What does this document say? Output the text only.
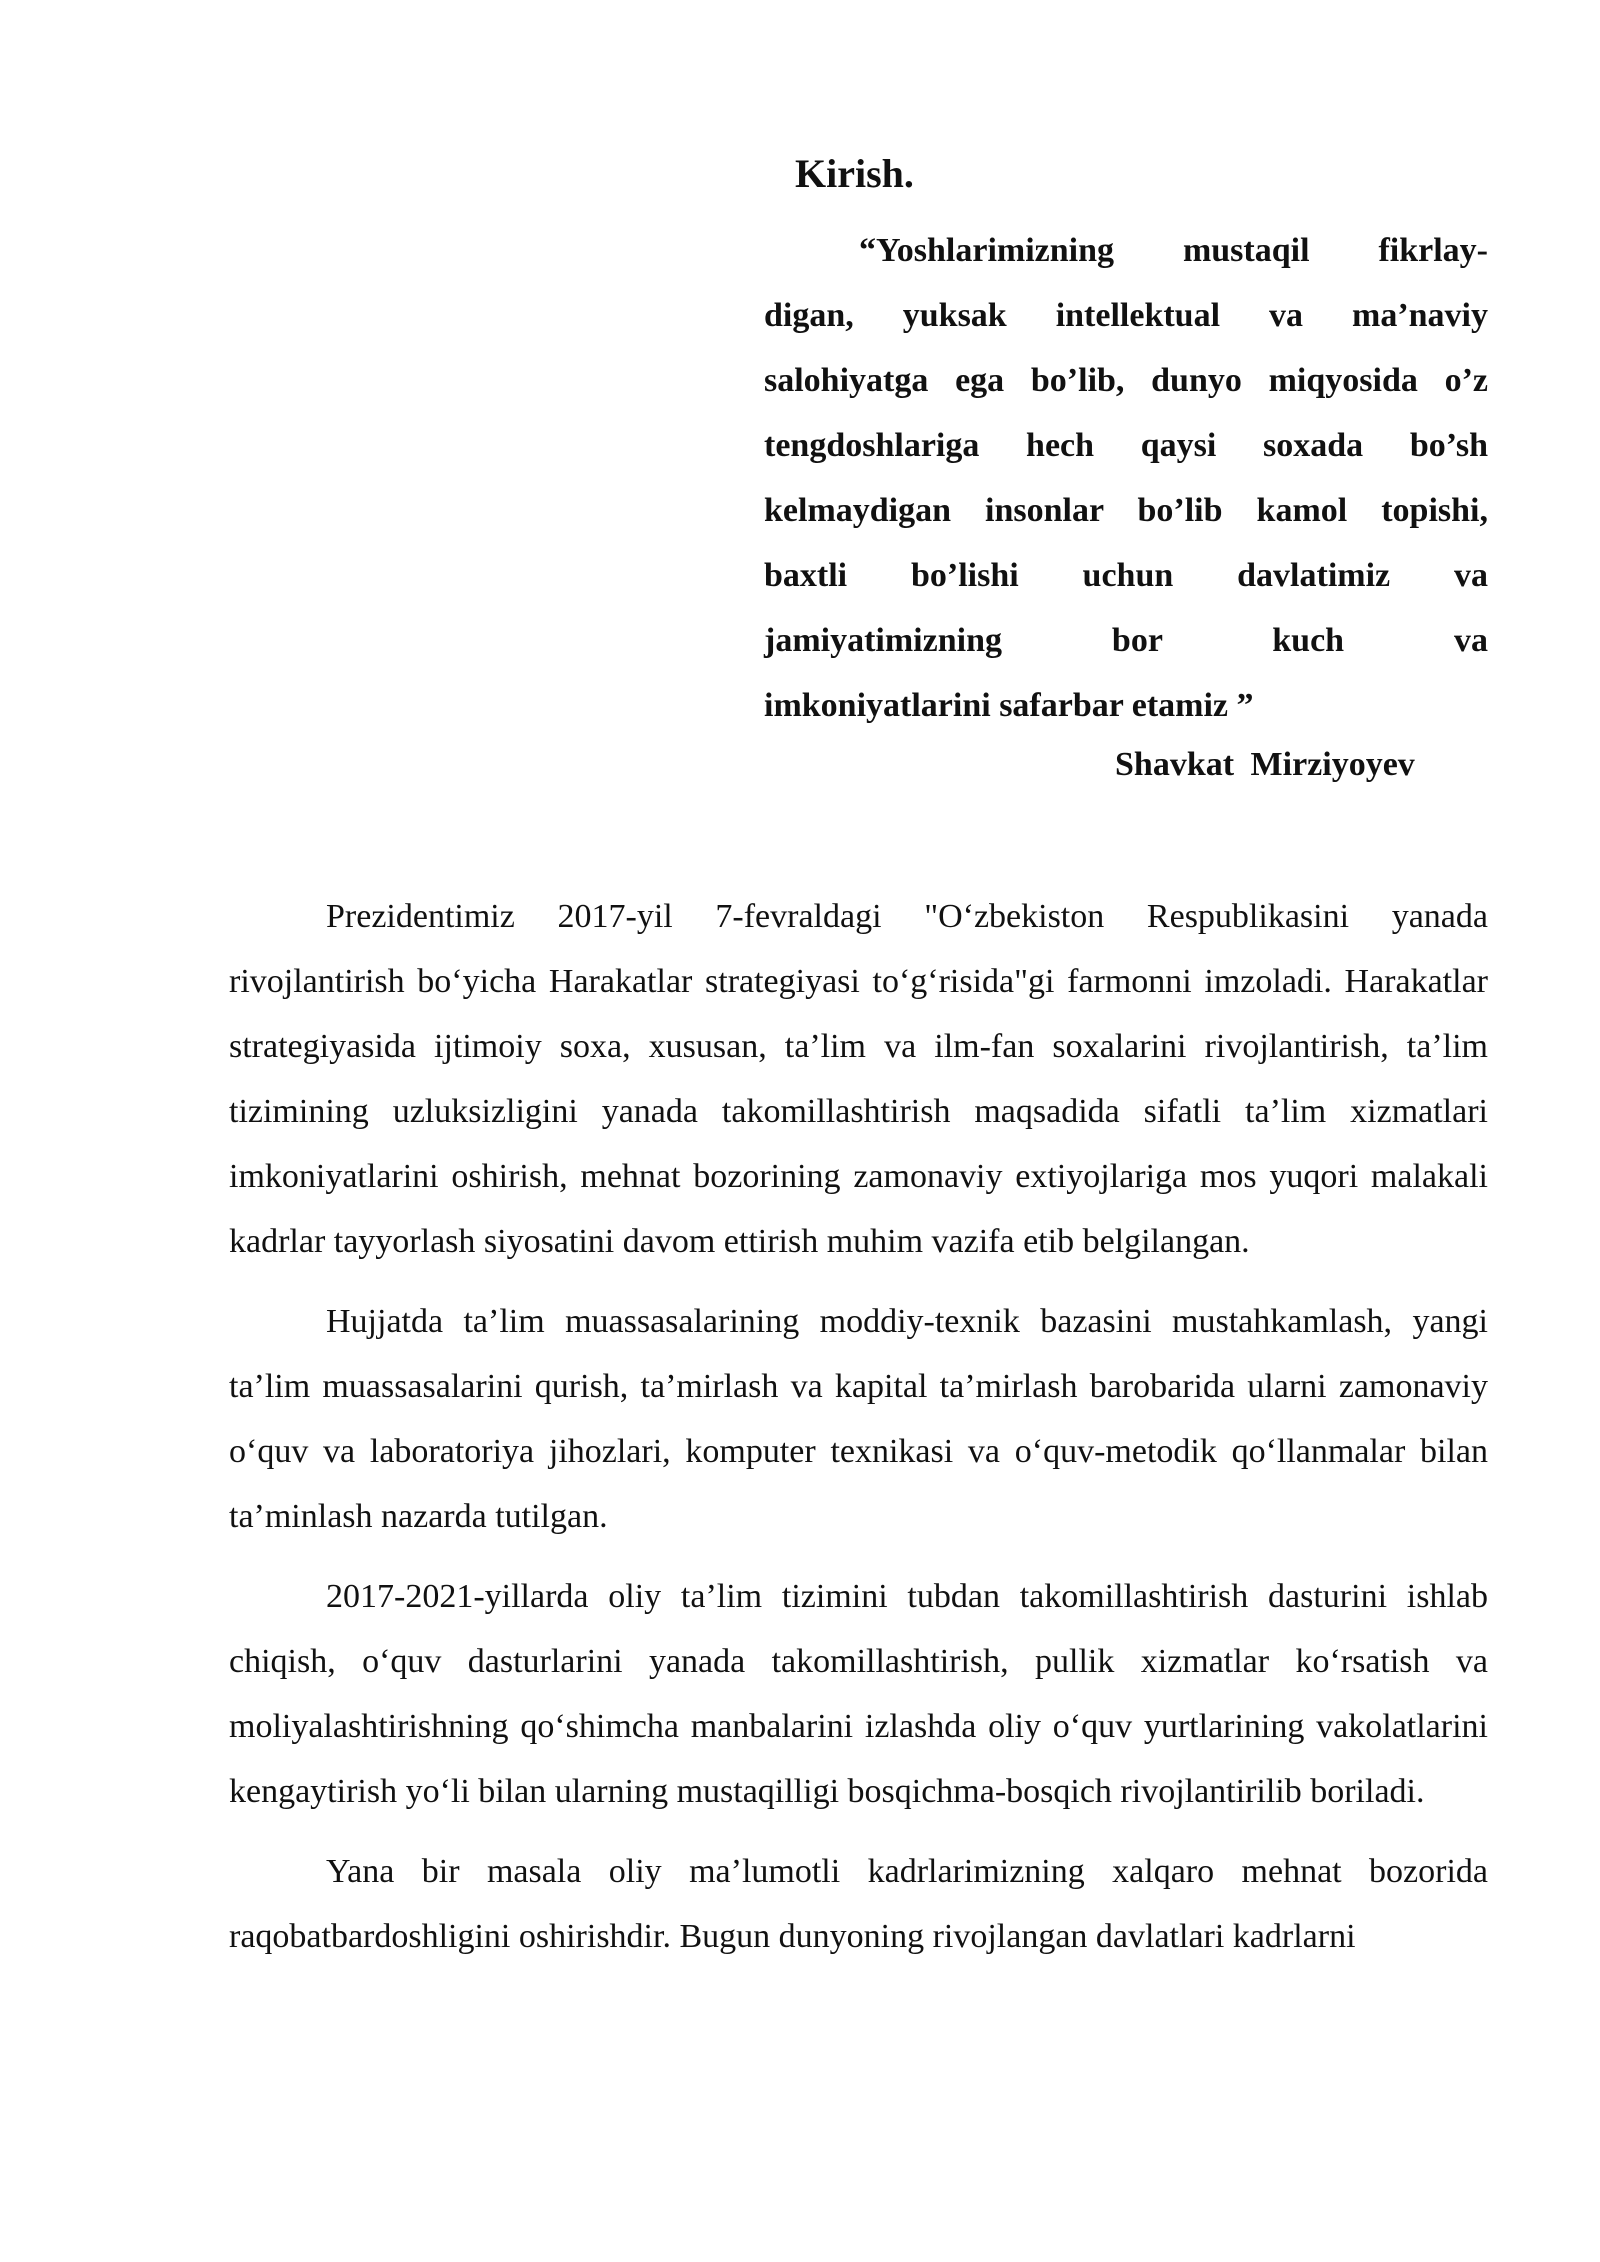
Kirish.
“Yoshlarimizning mustaqil fikrlay-
digan, yuksak intellektual va ma’naviy
salohiyatga ega bo’lib, dunyo miqyosida o’z
tengdoshlariga hech qaysi soxada bo’sh
kelmaydigan insonlar bo’lib kamol topishi,
baxtli bo’lishi uchun davlatimiz va
jamiyatimizning bor kuch va
imkoniyatlarini safarbar etamiz ”
Shavkat Mirziyoyev

Prezidentimiz 2017-yil 7-fevraldagi "O‘zbekiston Respublikasini yanada rivojlantirish bo‘yicha Harakatlar strategiyasi to‘g‘risida"gi farmonni imzoladi. Harakatlar strategiyasida ijtimoiy soxa, xususan, ta’lim va ilm-fan soxalarini rivojlantirish, ta’lim tizimining uzluksizligini yanada takomillashtirish maqsadida sifatli ta’lim xizmatlari imkoniyatlarini oshirish, mehnat bozorining zamonaviy extiyojlariga mos yuqori malakali kadrlar tayyorlash siyosatini davom ettirish muhim vazifa etib belgilangan.

Hujjatda ta’lim muassasalarining moddiy-texnik bazasini mustahkamlash, yangi ta’lim muassasalarini qurish, ta’mirlash va kapital ta’mirlash barobarida ularni zamonaviy o‘quv va laboratoriya jihozlari, komputer texnikasi va o‘quv-metodik qo‘llanmalar bilan ta’minlash nazarda tutilgan.

2017-2021-yillarda oliy ta’lim tizimini tubdan takomillashtirish dasturini ishlab chiqish, o‘quv dasturlarini yanada takomillashtirish, pullik xizmatlar ko‘rsatish va moliyalashtirishning qo‘shimcha manbalarini izlashda oliy o‘quv yurtlarining vakolatlarini kengaytirish yo‘li bilan ularning mustaqilligi bosqichma-bosqich rivojlantirilib boriladi.

Yana bir masala oliy ma’lumotli kadrlarimizning xalqaro mehnat bozorida raqobatbardoshligini oshirishdir. Bugun dunyoning rivojlangan davlatlari kadrlarni
